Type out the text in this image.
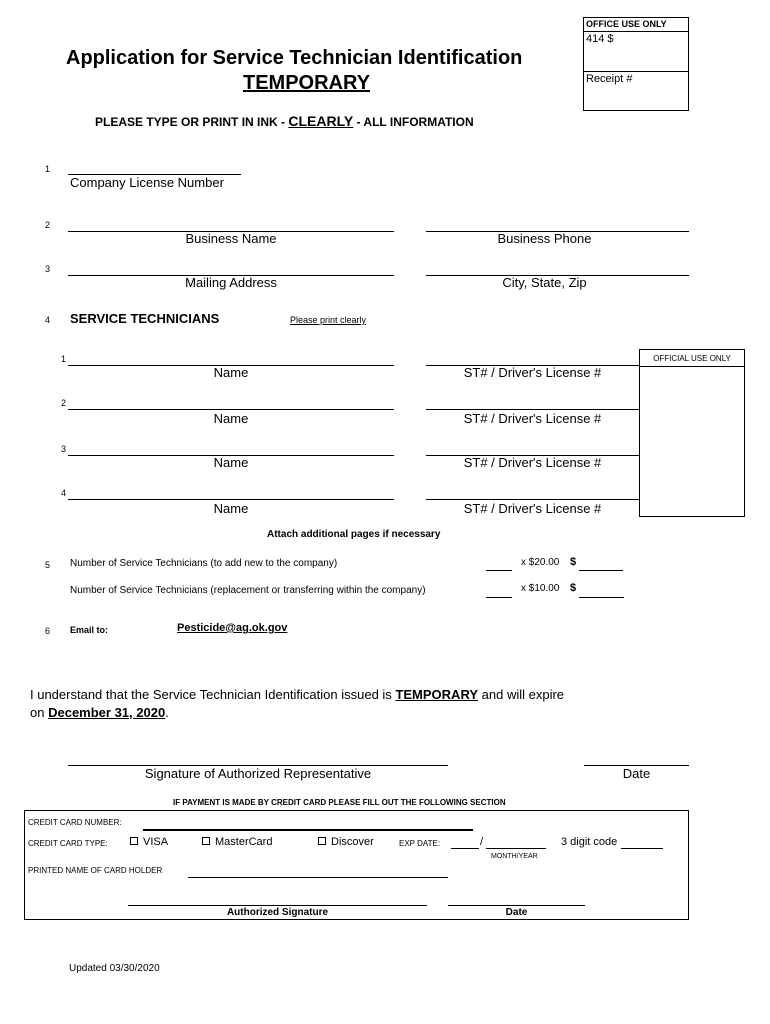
OFFICE USE ONLY
414 $
Receipt #
Application for Service Technician Identification
TEMPORARY
PLEASE TYPE OR PRINT IN INK - CLEARLY - ALL INFORMATION
1
Company License Number
2
Business Name	Business Phone
3
Mailing Address	City, State, Zip
4 SERVICE TECHNICIANS	Please print clearly
OFFICIAL USE ONLY
1
Name	ST# / Driver's License #
2
Name	ST# / Driver's License #
3
Name	ST# / Driver's License #
4
Name	ST# / Driver's License #
Attach additional pages if necessary
5 Number of Service Technicians (to add new to the company)	x $20.00 $
Number of Service Technicians (replacement or transferring within the company)	x $10.00 $
6 Email to:	Pesticide@ag.ok.gov
I understand that the Service Technician Identification issued is TEMPORARY and will expire
on December 31, 2020.
Signature of Authorized Representative	Date
IF PAYMENT IS MADE BY CREDIT CARD PLEASE FILL OUT THE FOLLOWING SECTION
CREDIT CARD NUMBER:
CREDIT CARD TYPE:	VISA	MasterCard	Discover	EXP DATE:	/
MONTH/YEAR
3 digit code
PRINTED NAME OF CARD HOLDER
Authorized Signature	Date
Updated 03/30/2020
